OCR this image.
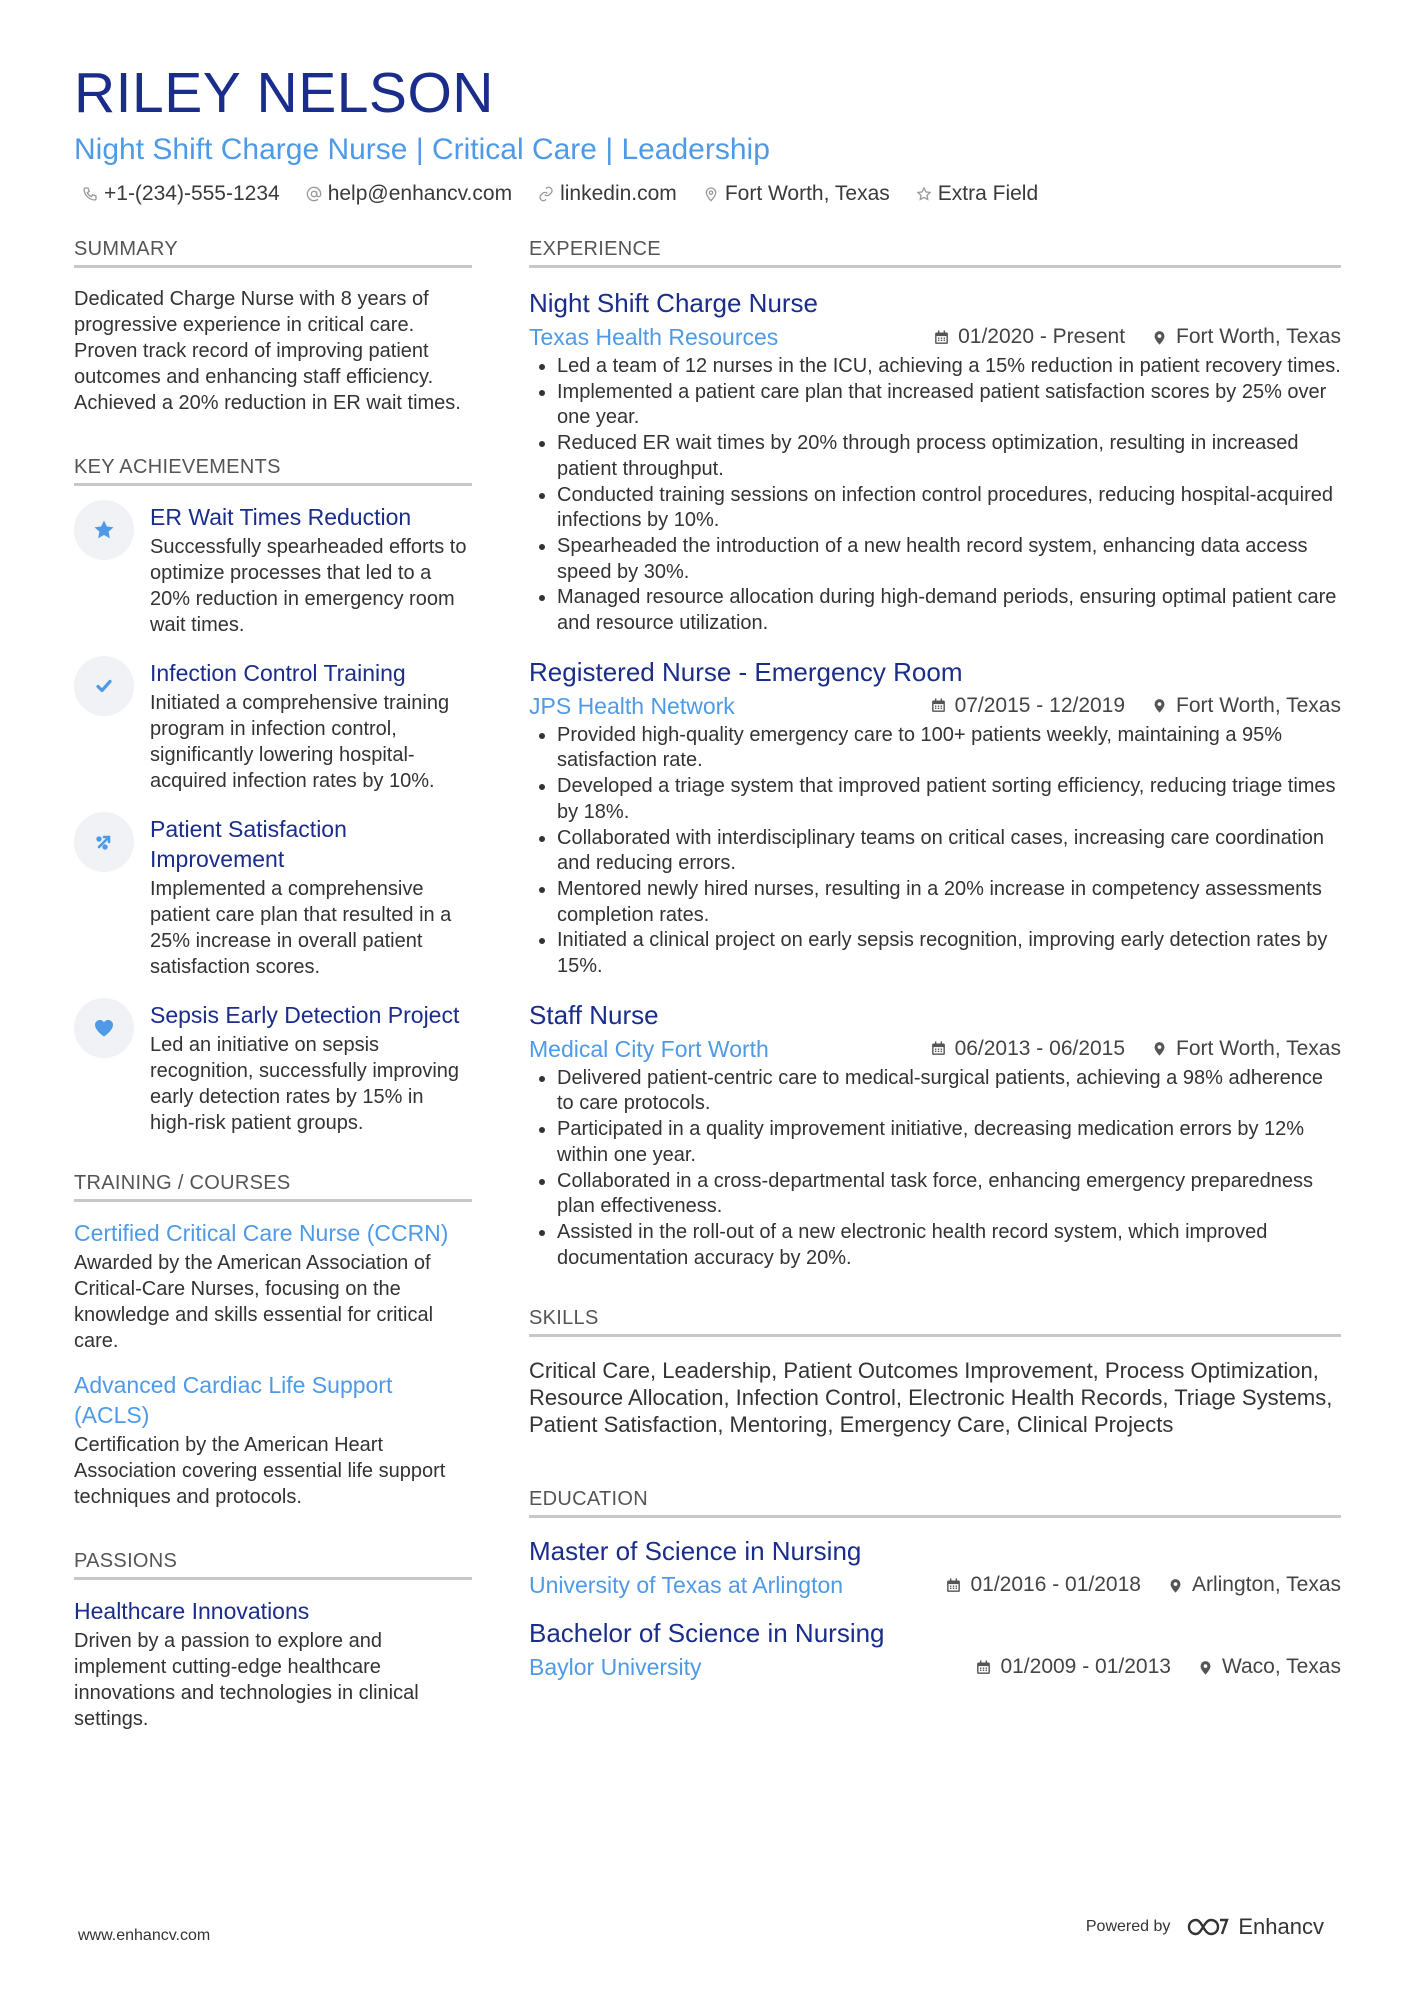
RILEY NELSON
Night Shift Charge Nurse | Critical Care | Leadership
+1-(234)-555-1234 help@enhancv.com linkedin.com Fort Worth, Texas Extra Field
SUMMARY
Dedicated Charge Nurse with 8 years of progressive experience in critical care. Proven track record of improving patient outcomes and enhancing staff efficiency. Achieved a 20% reduction in ER wait times.
KEY ACHIEVEMENTS
ER Wait Times Reduction
Successfully spearheaded efforts to optimize processes that led to a 20% reduction in emergency room wait times.
Infection Control Training
Initiated a comprehensive training program in infection control, significantly lowering hospital-acquired infection rates by 10%.
Patient Satisfaction Improvement
Implemented a comprehensive patient care plan that resulted in a 25% increase in overall patient satisfaction scores.
Sepsis Early Detection Project
Led an initiative on sepsis recognition, successfully improving early detection rates by 15% in high-risk patient groups.
TRAINING / COURSES
Certified Critical Care Nurse (CCRN)
Awarded by the American Association of Critical-Care Nurses, focusing on the knowledge and skills essential for critical care.
Advanced Cardiac Life Support (ACLS)
Certification by the American Heart Association covering essential life support techniques and protocols.
PASSIONS
Healthcare Innovations
Driven by a passion to explore and implement cutting-edge healthcare innovations and technologies in clinical settings.
EXPERIENCE
Night Shift Charge Nurse
Texas Health Resources	01/2020 - Present Fort Worth, Texas
• Led a team of 12 nurses in the ICU, achieving a 15% reduction in patient recovery times.
• Implemented a patient care plan that increased patient satisfaction scores by 25% over one year.
• Reduced ER wait times by 20% through process optimization, resulting in increased patient throughput.
• Conducted training sessions on infection control procedures, reducing hospital-acquired infections by 10%.
• Spearheaded the introduction of a new health record system, enhancing data access speed by 30%.
• Managed resource allocation during high-demand periods, ensuring optimal patient care and resource utilization.
Registered Nurse - Emergency Room
JPS Health Network	07/2015 - 12/2019 Fort Worth, Texas
• Provided high-quality emergency care to 100+ patients weekly, maintaining a 95% satisfaction rate.
• Developed a triage system that improved patient sorting efficiency, reducing triage times by 18%.
• Collaborated with interdisciplinary teams on critical cases, increasing care coordination and reducing errors.
• Mentored newly hired nurses, resulting in a 20% increase in competency assessments completion rates.
• Initiated a clinical project on early sepsis recognition, improving early detection rates by 15%.
Staff Nurse
Medical City Fort Worth	06/2013 - 06/2015 Fort Worth, Texas
• Delivered patient-centric care to medical-surgical patients, achieving a 98% adherence to care protocols.
• Participated in a quality improvement initiative, decreasing medication errors by 12% within one year.
• Collaborated in a cross-departmental task force, enhancing emergency preparedness plan effectiveness.
• Assisted in the roll-out of a new electronic health record system, which improved documentation accuracy by 20%.
SKILLS
Critical Care, Leadership, Patient Outcomes Improvement, Process Optimization, Resource Allocation, Infection Control, Electronic Health Records, Triage Systems, Patient Satisfaction, Mentoring, Emergency Care, Clinical Projects
EDUCATION
Master of Science in Nursing
University of Texas at Arlington	01/2016 - 01/2018 Arlington, Texas
Bachelor of Science in Nursing
Baylor University	01/2009 - 01/2013 Waco, Texas
www.enhancv.com
Powered by	Enhancv
